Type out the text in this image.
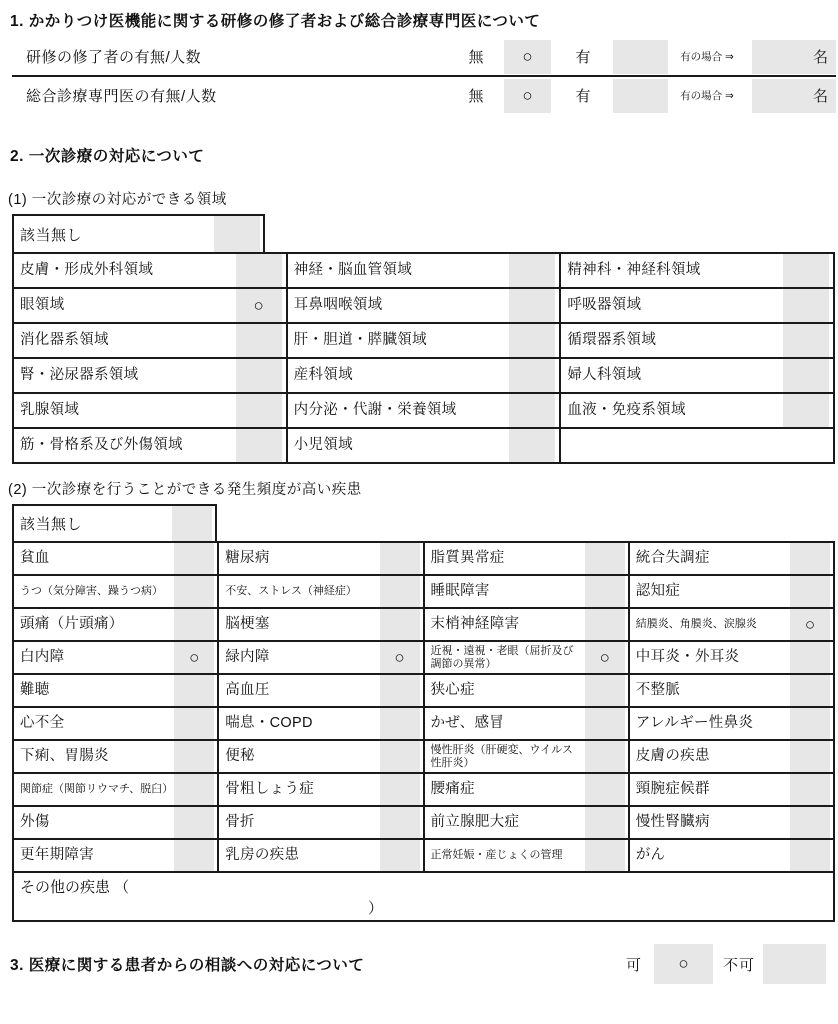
1. かかりつけ医機能に関する研修の修了者および総合診療専門医について
研修の修了者の有無/人数	無	○	有	有の場合 ⇒	名
総合診療専門医の有無/人数	無	○	有	有の場合 ⇒	名
2. 一次診療の対応について
(1) 一次診療の対応ができる領域
該当無し
皮膚・形成外科領域	神経・脳血管領域	精神科・神経科領域
眼領域	○	耳鼻咽喉領域	呼吸器領域
消化器系領域	肝・胆道・膵臓領域	循環器系領域
腎・泌尿器系領域	産科領域	婦人科領域
乳腺領域	内分泌・代謝・栄養領域	血液・免疫系領域
筋・骨格系及び外傷領域	小児領域
(2) 一次診療を行うことができる発生頻度が高い疾患
該当無し
貧血	糖尿病	脂質異常症	統合失調症
うつ（気分障害、躁うつ病）	不安、ストレス（神経症）	睡眠障害	認知症
頭痛（片頭痛）	脳梗塞	末梢神経障害	結膜炎、角膜炎、涙腺炎	○
白内障	○	緑内障	○	近視・遠視・老眼（屈折及び調節の異常）	○	中耳炎・外耳炎
難聴	高血圧	狭心症	不整脈
心不全	喘息・COPD	かぜ、感冒	アレルギー性鼻炎
下痢、胃腸炎	便秘	慢性肝炎（肝硬変、ウイルス性肝炎）	皮膚の疾患
関節症（関節リウマチ、脱臼）	骨粗しょう症	腰痛症	頸腕症候群
外傷	骨折	前立腺肥大症	慢性腎臓病
更年期障害	乳房の疾患	正常妊娠・産じょくの管理	がん
その他の疾患 （
）
3. 医療に関する患者からの相談への対応について	可	○	不可
